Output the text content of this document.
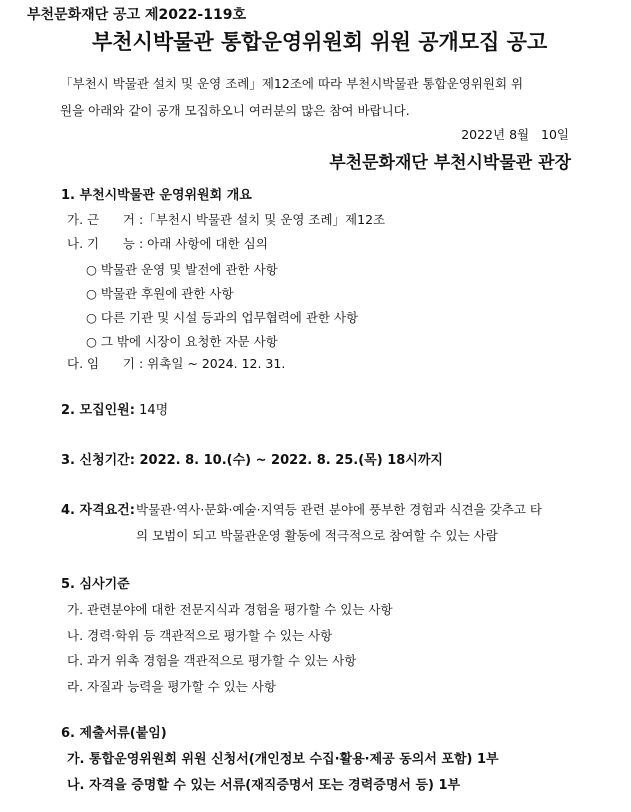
부천문화재단 공고 제2022-119호
부천시박물관 통합운영위원회 위원 공개모집 공고
「부천시 박물관 설치 및 운영 조례」제12조에 따라 부천시박물관 통합운영위원회 위
원을 아래와 같이 공개 모집하오니 여러분의 많은 참여 바랍니다.
2022년 8월   10일
부천문화재단 부천시박물관 관장
1. 부천시박물관 운영위원회 개요
가. 근      거 :「부천시 박물관 설치 및 운영 조례」제12조
나. 기      능 : 아래 사항에 대한 심의
○ 박물관 운영 및 발전에 관한 사항
○ 박물관 후원에 관한 사항
○ 다른 기관 및 시설 등과의 업무협력에 관한 사항
○ 그 밖에 시장이 요청한 자문 사항
다. 임      기 : 위촉일 ~ 2024. 12. 31.
2. 모집인원: 14명
3. 신청기간: 2022. 8. 10.(수) ~ 2022. 8. 25.(목) 18시까지
4. 자격요건: 박물관·역사·문화·예술·지역등 관련 분야에 풍부한 경험과 식견을 갖추고 타
의 모범이 되고 박물관운영 활동에 적극적으로 참여할 수 있는 사람
5. 심사기준
가. 관련분야에 대한 전문지식과 경험을 평가할 수 있는 사항
나. 경력·학위 등 객관적으로 평가할 수 있는 사항
다. 과거 위촉 경험을 객관적으로 평가할 수 있는 사항
라. 자질과 능력을 평가할 수 있는 사항
6. 제출서류(붙임)
가. 통합운영위원회 위원 신청서(개인정보 수집·활용·제공 동의서 포함) 1부
나. 자격을 증명할 수 있는 서류(재직증명서 또는 경력증명서 등) 1부
